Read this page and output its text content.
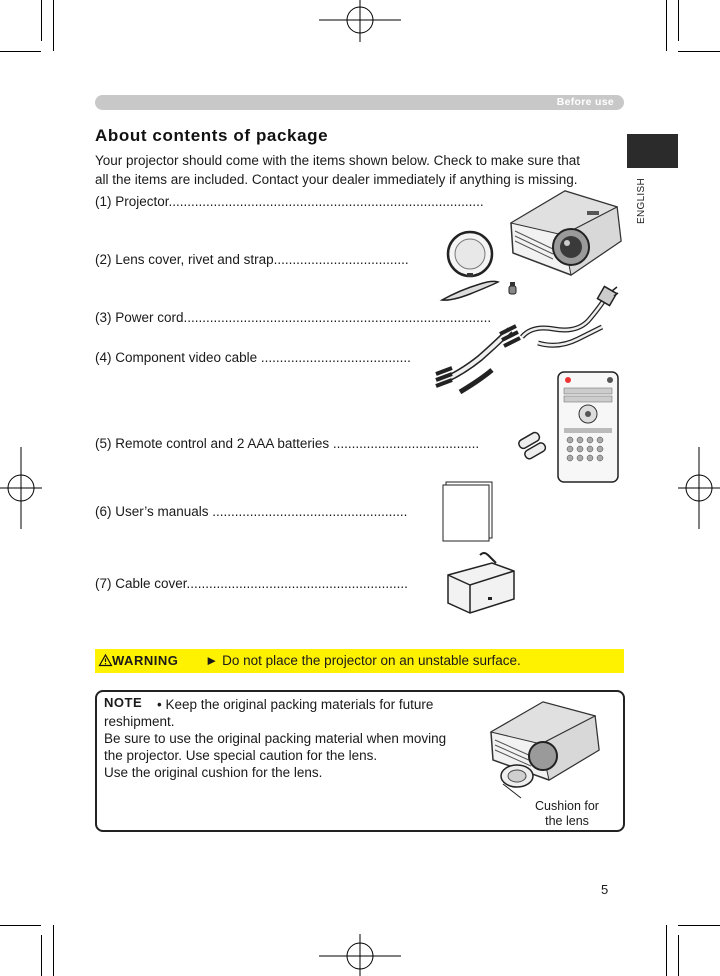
Before use
ENGLISH
About contents of package
Your projector should come with the items shown below. Check to make sure that
all the items are included. Contact your dealer immediately if anything is missing.
(1) Projector....................................................................................
(2) Lens cover, rivet and strap....................................
(3) Power cord..................................................................................
(4) Component video cable ........................................
(5) Remote control and 2 AAA batteries .......................................
(6) User’s manuals ....................................................
(7) Cable cover...........................................................
WARNING ► Do not place the projector on an unstable surface.
NOTE • Keep the original packing materials for future
reshipment.
Be sure to use the original packing material when moving
the projector. Use special caution for the lens.
Use the original cushion for the lens.
Cushion for
the lens
5
